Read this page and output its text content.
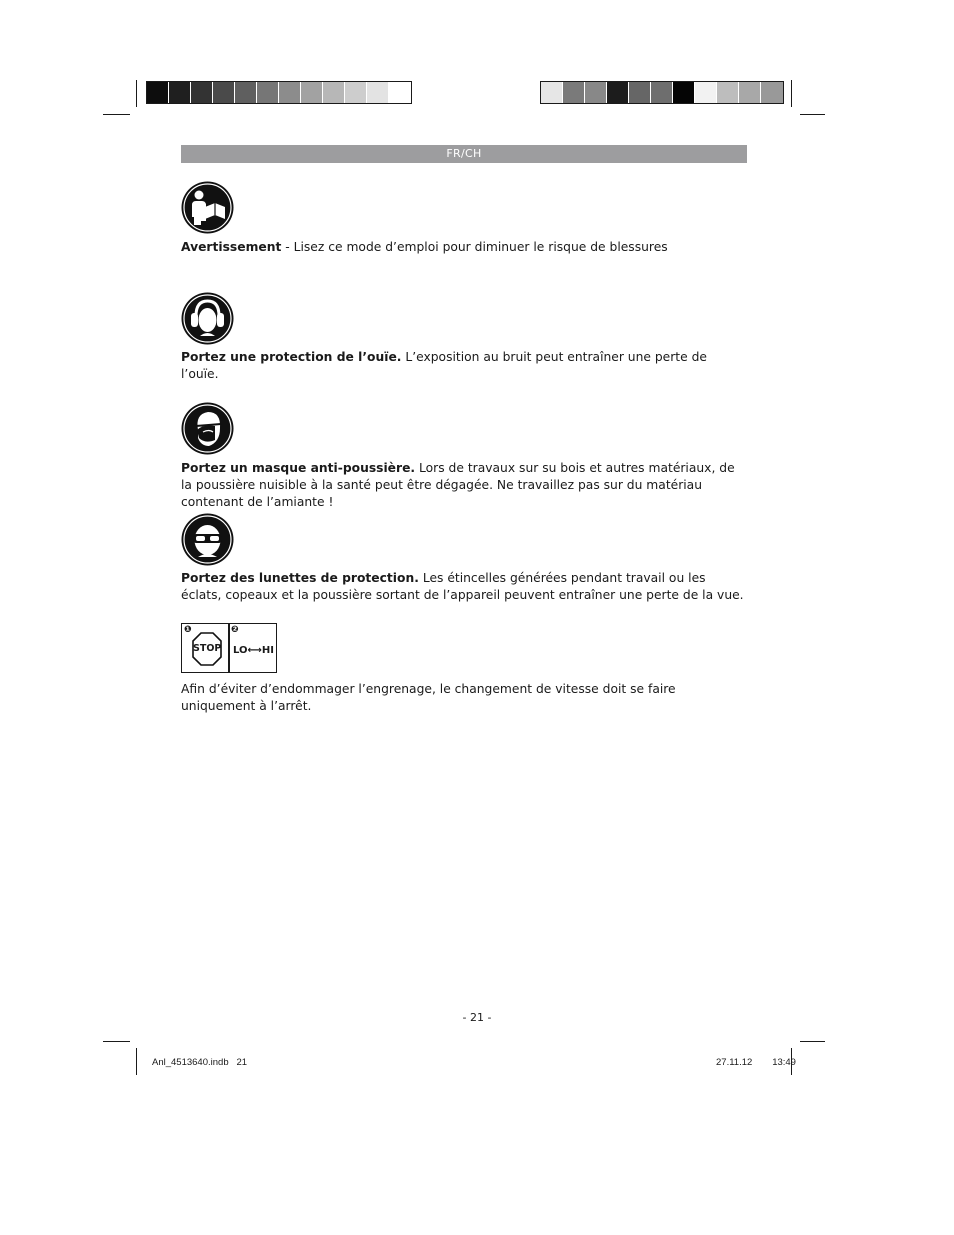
FR/CH
Avertissement - Lisez ce mode d’emploi pour diminuer le risque de blessures
Portez une protection de l’ouïe. L’exposition au bruit peut entraîner une perte de l’ouïe.
Portez un masque anti-poussière. Lors de travaux sur su bois et autres matériaux, de la poussière nuisible à la santé peut être dégagée. Ne travaillez pas sur du matériau contenant de l’amiante !
Portez des lunettes de protection. Les étincelles générées pendant travail ou les éclats, copeaux et la poussière sortant de l’appareil peuvent entraîner une perte de la vue.
❶
STOP
❷
LO⟷HI
Afin d’éviter d’endommager l’engrenage, le changement de vitesse doit se faire uniquement à l’arrêt.
- 21 -
Anl_4513640.indb   21	27.11.12   13:49
